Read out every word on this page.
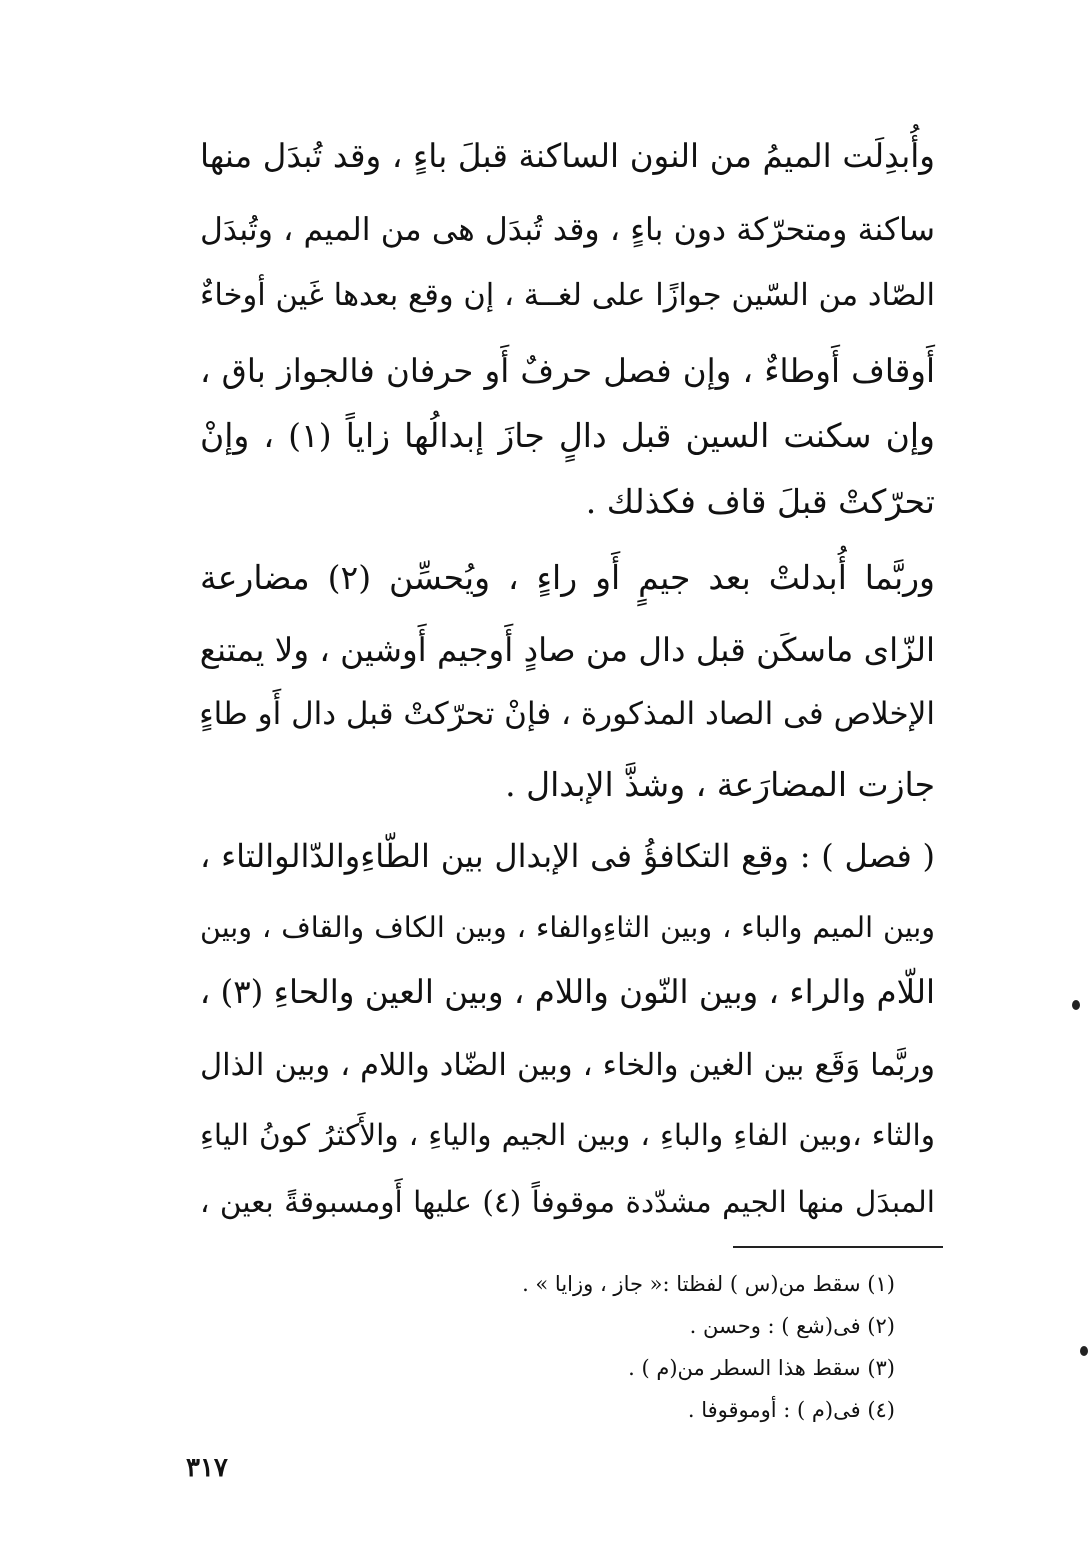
وأُبدِلَت الميمُ من النون الساكنة قبلَ باءٍ ، وقد تُبدَل منها
ساكنة ومتحرّكة دون باءٍ ، وقد تُبدَل هى من الميم ، وتُبدَل
الصّاد من السّين جوازًا على لغــة ، إن وقع بعدها غَين أوخاءٌ
أَوقاف أَوطاءٌ ، وإن فصل حرفٌ أَو حرفان فالجواز باق ،
وإن سكنت السين قبل دالٍ جازَ إبدالُها زاياً (١) ، وإنْ
تحرّكتْ قبلَ قاف فكذلك .
وربَّما أُبدلتْ بعد جيمٍ أَو راءٍ ، ويُحسِّن (٢) مضارعة
الزّاى ماسكَن قبل دال من صادٍ أَوجيم أَوشين ، ولا يمتنع
الإخلاص فى الصاد المذكورة ، فإنْ تحرّكتْ قبل دال أَو طاءٍ
جازت المضارَعة ، وشذَّ الإبدال .
( فصل ) : وقع التكافؤُ فى الإبدال بين الطّاءِوالدّالوالتاء ،
وبين الميم والباء ، وبين الثاءِوالفاء ، وبين الكاف والقاف ، وبين
اللّام والراء ، وبين النّون واللام ، وبين العين والحاءِ (٣) ،
وربَّما وَقَع بين الغين والخاء ، وبين الضّاد واللام ، وبين الذال
والثاء ،وبين الفاءِ والباءِ ، وبين الجيم والياءِ ، والأَكثرُ كونُ الياءِ
المبدَل منها الجيم مشدّدة موقوفاً (٤) عليها أَومسبوقةً بعين ،
(١) سقط من(س ) لفظتا :« جاز ، وزايا » .
(٢) فى(شع ) : وحسن .
(٣) سقط هذا السطر من(م ) .
(٤) فى(م ) : أوموقوفا .
٣١٧
